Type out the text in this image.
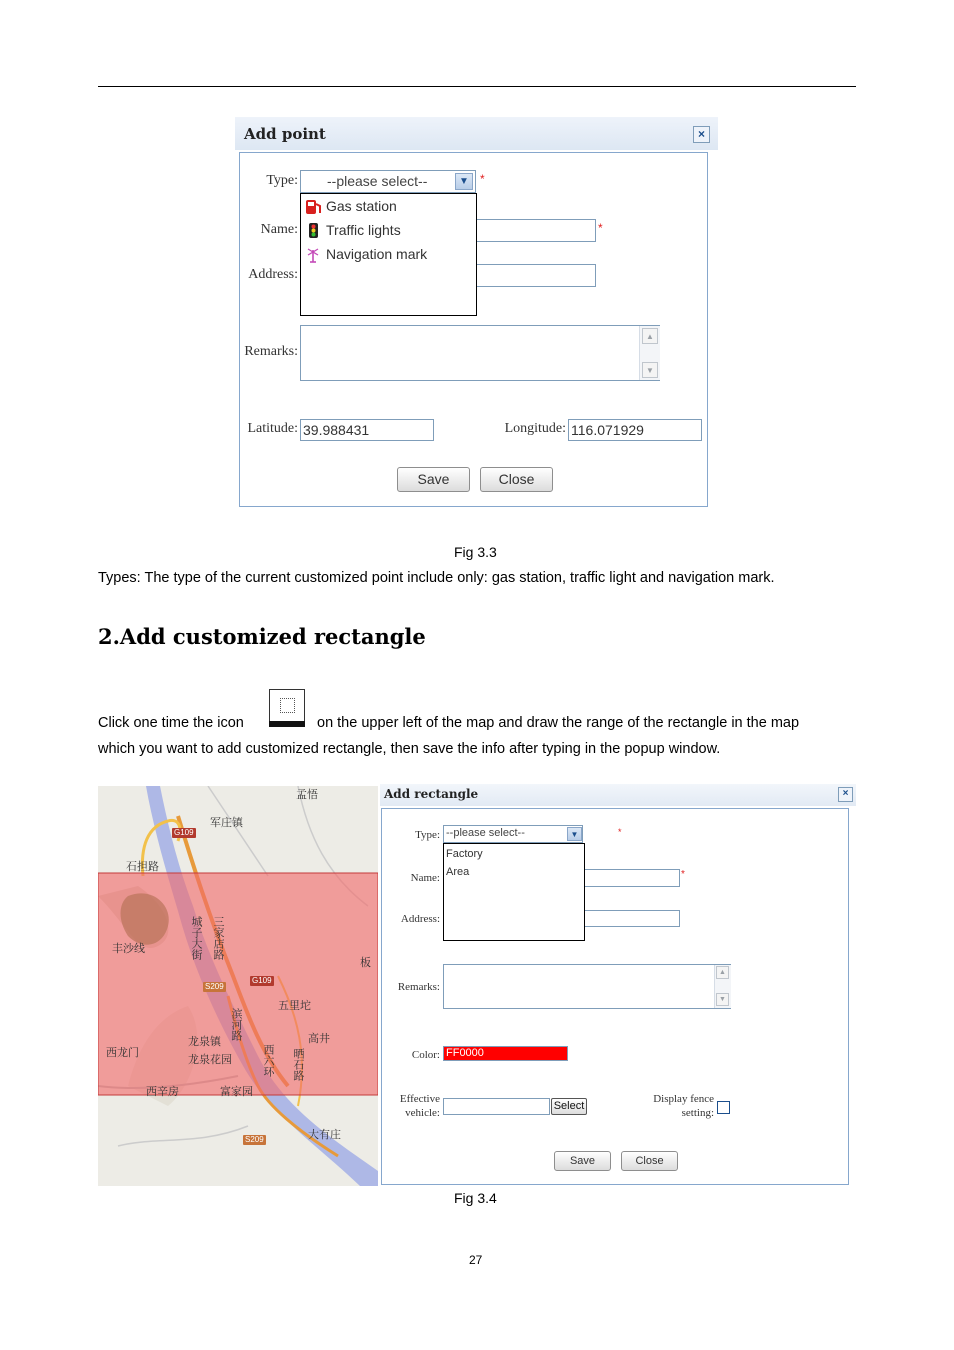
Add point	×
Type: --please select--	▼ *
Name:	*
Address:
Gas station
Traffic lights
Navigation mark
Remarks:
▲
▼
Latitude: 39.988431	Longitude: 116.071929
Save	Close
Fig 3.3
Types: The type of the current customized point include only: gas station, traffic light and navigation mark.
2.Add customized rectangle
Click one time the icon	on the upper left of the map and draw the range of the rectangle in the map
which you want to add customized rectangle, then save the info after typing in the popup window.
孟悟
军庄镇
石担路
丰沙线	城子大街 三家店路
板
五里坨
滨河路
龙泉镇	高井
西龙门
龙泉花园	西六环 晒石路
西辛房	富家园
大有庄
G109
G109
S209
S209
Add rectangle	×
Type: --please select--	▼	*
Name:	*
Address:
Factory
Area
Remarks:
▲
▼
Color: FF0000
Effective
vehicle:
Select
Display fence
setting:
Save	Close
Fig 3.4
27
